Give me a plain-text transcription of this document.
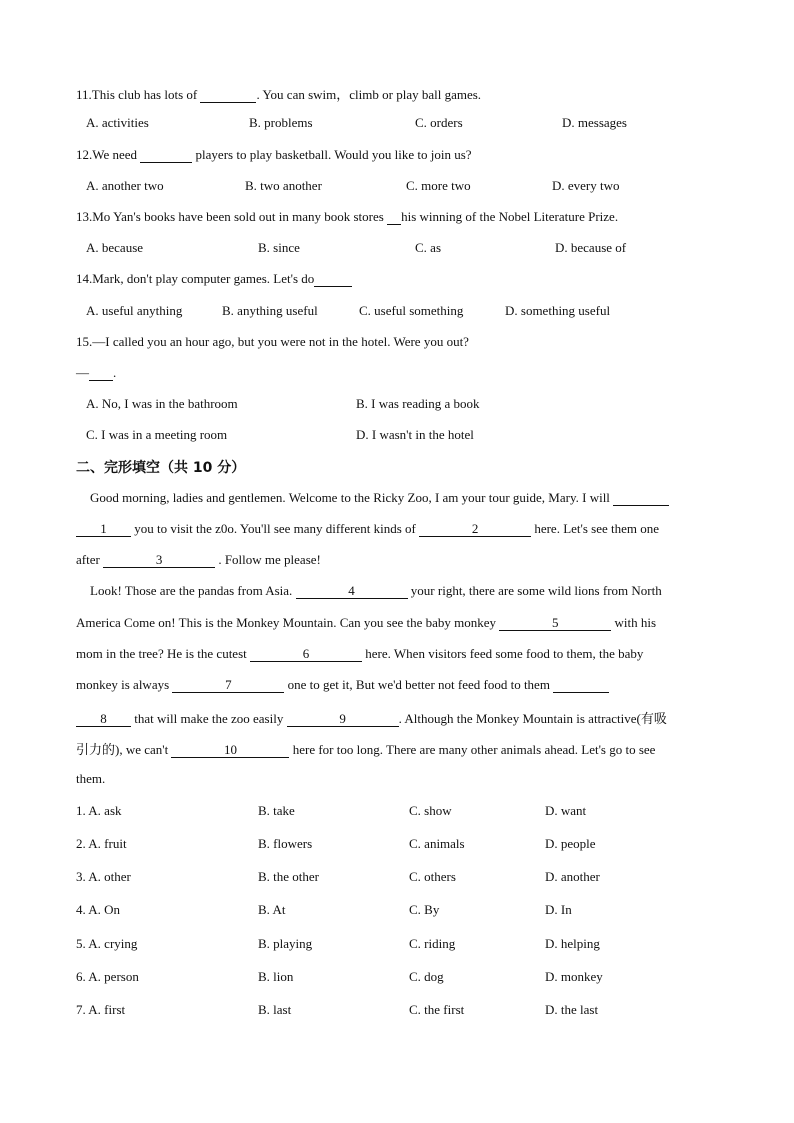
11.This club has lots of	. You can swim，climb or play ball games.
A. activities	B. problems	C. orders	D. messages
12.We need	players to play basketball. Would you like to join us?
A. another two	B. two another	C. more two	D. every two
13.Mo Yan's books have been sold out in many book stores  his winning of the Nobel Literature Prize.
A. because	B. since	C. as	D. because of
14.Mark, don't play computer games. Let's do
A. useful anything	B. anything useful	C. useful something	D. something useful
15.—I called you an hour ago, but you were not in the hotel. Were you out?
— .
A. No, I was in the bathroom	B. I was reading a book
C. I was in a meeting room	D. I wasn't in the hotel
二、完形填空（共 10 分）
Good morning, ladies and gentlemen. Welcome to the Ricky Zoo, I am your tour guide, Mary. I will
1 you to visit the z0o. You'll see many different kinds of	2	here. Let's see them one
after	3	. Follow me please!
Look! Those are the pandas from Asia.	4	your right, there are some wild lions from North
America Come on! This is the Monkey Mountain. Can you see the baby monkey	5	with his
mom in the tree? He is the cutest	6	here. When visitors feed some food to them, the baby
monkey is always	7	one to get it, But we'd better not feed food to them
8 that will make the zoo easily	9	. Although the Monkey Mountain is attractive(有吸
引力的), we can't	10	here for too long. There are many other animals ahead. Let's go to see
them.
1. A. ask	B. take	C. show	D. want
2. A. fruit	B. flowers	C. animals	D. people
3. A. other	B. the other	C. others	D. another
4. A. On	B. At	C. By	D. In
5. A. crying	B. playing	C. riding	D. helping
6. A. person	B. lion	C. dog	D. monkey
7. A. first	B. last	C. the first	D. the last
